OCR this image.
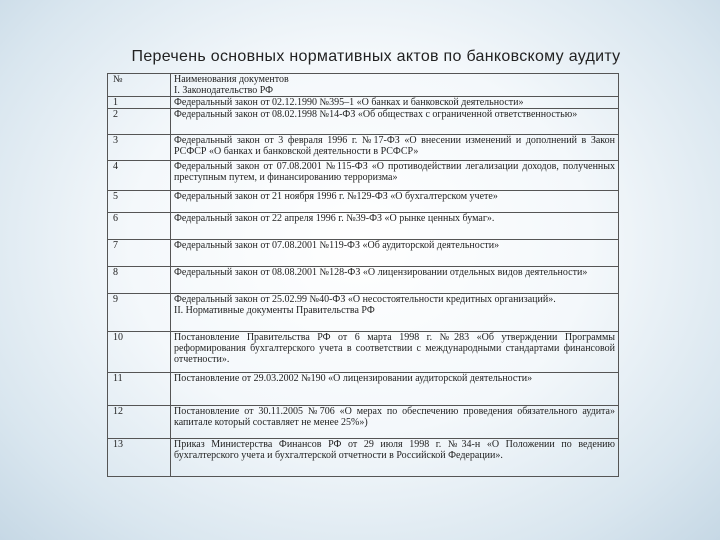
Перечень основных нормативных актов по банковскому аудиту
№	Наименования документов
I. Законодательство РФ

1	Федеральный закон от 02.12.1990 №395–1 «О банках и банковской деятельности»
2	Федеральный закон от 08.02.1998 №14-ФЗ «Об обществах с ограниченной ответственностью»
3	Федеральный закон от 3 февраля 1996 г. №17-ФЗ «О внесении изменений и дополнений в Закон РСФСР «О банках и банковской деятельности в РСФСР»
4	Федеральный закон от 07.08.2001 №115-ФЗ «О противодействии легализации доходов, полученных преступным путем, и финансированию терроризма»
5	Федеральный закон от 21 ноября 1996 г. №129-ФЗ «О бухгалтерском учете»
6	Федеральный закон от 22 апреля 1996 г. №39-ФЗ «О рынке ценных бумаг».
7	Федеральный закон от 07.08.2001 №119-ФЗ «Об аудиторской деятельности»
8	Федеральный закон от 08.08.2001 №128-ФЗ «О лицензировании отдельных видов деятельности»
9	Федеральный закон от 25.02.99 №40-ФЗ «О несостоятельности кредитных организаций».
II. Нормативные документы Правительства РФ

10	Постановление Правительства РФ от 6 марта 1998 г. №283 «Об утверждении Программы реформирования бухгалтерского учета в соответствии с международными стандартами финансовой отчетности».
11	Постановление от 29.03.2002 №190 «О лицензировании аудиторской деятельности»
12	Постановление от 30.11.2005 №706 «О мерах по обеспечению проведения обязательного аудита» капитале который составляет не менее 25%»)
13	Приказ Министерства Финансов РФ от 29 июля 1998 г. №34-н «О Положении по ведению бухгалтерского учета и бухгалтерской отчетности в Российской Федерации».
